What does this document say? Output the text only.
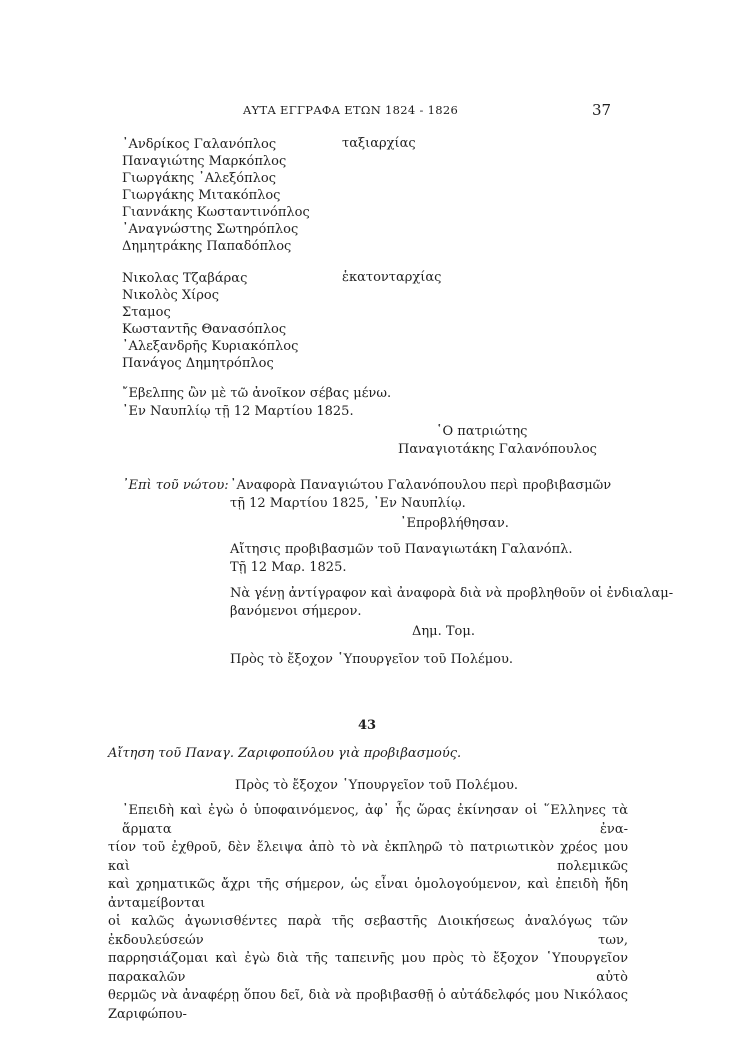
ΑΥΤΑ ΕΓΓΡΑΦΑ ΕΤΩΝ 1824 - 1826	37
᾿Ανδρίκος Γαλανόπλος
Παναγιώτης Μαρκόπλος
Γιωργάκης ᾿Αλεξόπλος
Γιωργάκης Μιτακόπλος
Γιαννάκης Κωσταντινόπλος
᾿Αναγνώστης Σωτηρόπλος
Δημητράκης Παπαδόπλος
ταξιαρχίας
Νικολας Τζαβάρας
Νικολὸς Χίρος
Σταμος
Κωσταντῆς Θανασόπλος
᾿Αλεξανδρῆς Κυριακόπλος
Πανάγος Δημητρόπλος
ἑκατονταρχίας
῎Εβελπης ὢν μὲ τῶ ἀνοῖκον σέβας μένω.
᾿Εν Ναυπλίῳ τῇ 12 Μαρτίου 1825.
῾Ο πατριώτης
Παναγιοτάκης Γαλανόπουλος
᾿Επὶ τοῦ νώτου: ᾿Αναφορὰ Παναγιώτου Γαλανόπουλου περὶ προβιβασμῶν
τῇ 12 Μαρτίου 1825, ᾿Εν Ναυπλίῳ.
᾿Επροβλήθησαν.
Αἴτησις προβιβασμῶν τοῦ Παναγιωτάκη Γαλανόπλ.
Τῇ 12 Μαρ. 1825.
Νὰ γένῃ ἀντίγραφον καὶ ἀναφορὰ διὰ νὰ προβληθοῦν οἱ ἐνδιαλαμ-
βανόμενοι σήμερον.
Δημ. Τομ.
Πρὸς τὸ ἔξοχον ῾Υπουργεῖον τοῦ Πολέμου.
43
Αἴτηση τοῦ Παναγ. Ζαριφοπούλου γιὰ προβιβασμούς.
Πρὸς τὸ ἔξοχον ῾Υπουργεῖον τοῦ Πολέμου.
᾿Επειδὴ καὶ ἐγὼ ὁ ὑποφαινόμενος, ἀφ᾿ ἧς ὥρας ἐκίνησαν οἱ ῞Ελληνες τὰ ἅρματα ἐνα-
τίον τοῦ ἐχθροῦ, δὲν ἔλειψα ἀπὸ τὸ νὰ ἐκπληρῶ τὸ πατριωτικὸν χρέος μου καὶ πολεμικῶς
καὶ χρηματικῶς ἄχρι τῆς σήμερον, ὡς εἶναι ὁμολογούμενον, καὶ ἐπειδὴ ἤδη ἀνταμείβονται
οἱ καλῶς ἀγωνισθέντες παρὰ τῆς σεβαστῆς Διοικήσεως ἀναλόγως τῶν ἐκδουλεύσεών των,
παρρησιάζομαι καὶ ἐγὼ διὰ τῆς ταπεινῆς μου πρὸς τὸ ἔξοχον ῾Υπουργεῖον παρακαλῶν αὐτὸ
θερμῶς νὰ ἀναφέρῃ ὅπου δεῖ, διὰ νὰ προβιβασθῇ ὁ αὐτάδελφός μου Νικόλαος Ζαριφώπου-
